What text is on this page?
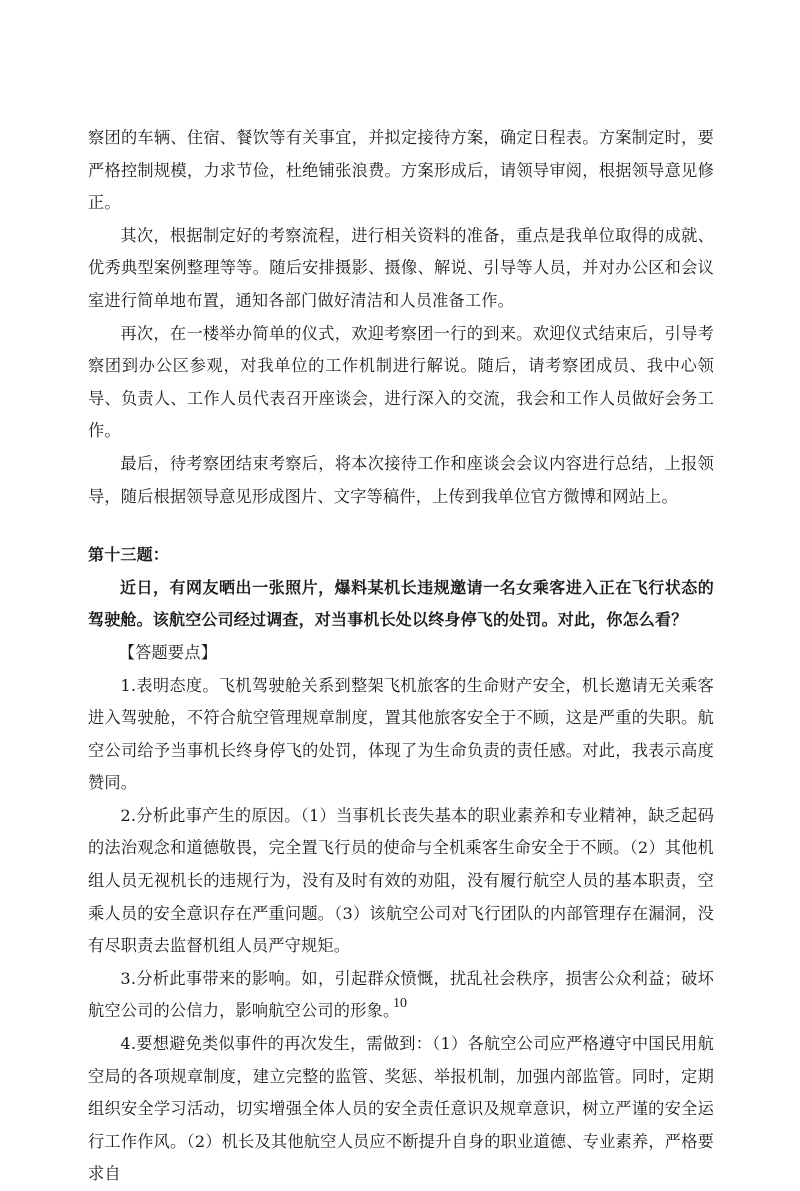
察团的车辆、住宿、餐饮等有关事宜，并拟定接待方案，确定日程表。方案制定时，要严格控制规模，力求节俭，杜绝铺张浪费。方案形成后，请领导审阅，根据领导意见修正。

其次，根据制定好的考察流程，进行相关资料的准备，重点是我单位取得的成就、优秀典型案例整理等等。随后安排摄影、摄像、解说、引导等人员，并对办公区和会议室进行简单地布置，通知各部门做好清洁和人员准备工作。

再次，在一楼举办简单的仪式，欢迎考察团一行的到来。欢迎仪式结束后，引导考察团到办公区参观，对我单位的工作机制进行解说。随后，请考察团成员、我中心领导、负责人、工作人员代表召开座谈会，进行深入的交流，我会和工作人员做好会务工作。

最后，待考察团结束考察后，将本次接待工作和座谈会会议内容进行总结，上报领导，随后根据领导意见形成图片、文字等稿件，上传到我单位官方微博和网站上。

第十三题：

近日，有网友晒出一张照片，爆料某机长违规邀请一名女乘客进入正在飞行状态的驾驶舱。该航空公司经过调查，对当事机长处以终身停飞的处罚。对此，你怎么看？

【答题要点】

1.表明态度。飞机驾驶舱关系到整架飞机旅客的生命财产安全，机长邀请无关乘客进入驾驶舱，不符合航空管理规章制度，置其他旅客安全于不顾，这是严重的失职。航空公司给予当事机长终身停飞的处罚，体现了为生命负责的责任感。对此，我表示高度赞同。

2.分析此事产生的原因。（1）当事机长丧失基本的职业素养和专业精神，缺乏起码的法治观念和道德敬畏，完全置飞行员的使命与全机乘客生命安全于不顾。（2）其他机组人员无视机长的违规行为，没有及时有效的劝阻，没有履行航空人员的基本职责，空乘人员的安全意识存在严重问题。（3）该航空公司对飞行团队的内部管理存在漏洞，没有尽职责去监督机组人员严守规矩。

3.分析此事带来的影响。如，引起群众愤慨，扰乱社会秩序，损害公众利益；破坏航空公司的公信力，影响航空公司的形象。

4.要想避免类似事件的再次发生，需做到：（1）各航空公司应严格遵守中国民用航空局的各项规章制度，建立完整的监管、奖惩、举报机制，加强内部监管。同时，定期组织安全学习活动，切实增强全体人员的安全责任意识及规章意识，树立严谨的安全运行工作作风。（2）机长及其他航空人员应不断提升自身的职业道德、专业素养，严格要求自

10
